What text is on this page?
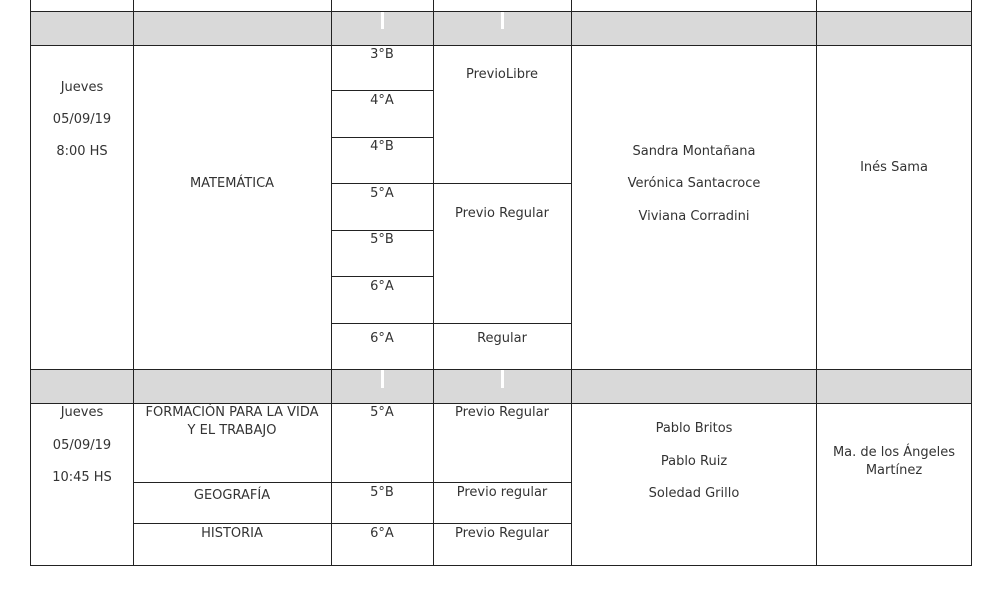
Jueves
05/09/19
8:00 HS
MATEMÁTICA
3°B
4°A
4°B
5°A
5°B
6°A
6°A
PrevioLibre
Previo Regular
Regular
Sandra Montañana
Verónica Santacroce
Viviana Corradini
Inés Sama
Jueves
05/09/19
10:45 HS
FORMACIÓN PARA LA VIDA
Y EL TRABAJO
GEOGRAFÍA
HISTORIA
5°A
5°B
6°A
Previo Regular
Previo regular
Previo Regular
Pablo Britos
Pablo Ruiz
Soledad Grillo
Ma. de los Ángeles
Martínez
